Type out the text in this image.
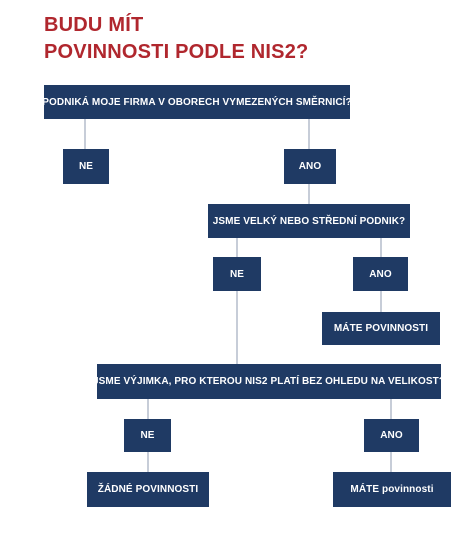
BUDU MÍT
POVINNOSTI PODLE NIS2?
PODNIKÁ MOJE FIRMA V OBORECH VYMEZENÝCH SMĚRNICÍ?
NE	ANO
JSME VELKÝ NEBO STŘEDNÍ PODNIK?
NE	ANO
MÁTE POVINNOSTI
JSME VÝJIMKA, PRO KTEROU NIS2 PLATÍ BEZ OHLEDU NA VELIKOST?
NE	ANO
ŽÁDNÉ POVINNOSTI	MÁTE povinnosti
